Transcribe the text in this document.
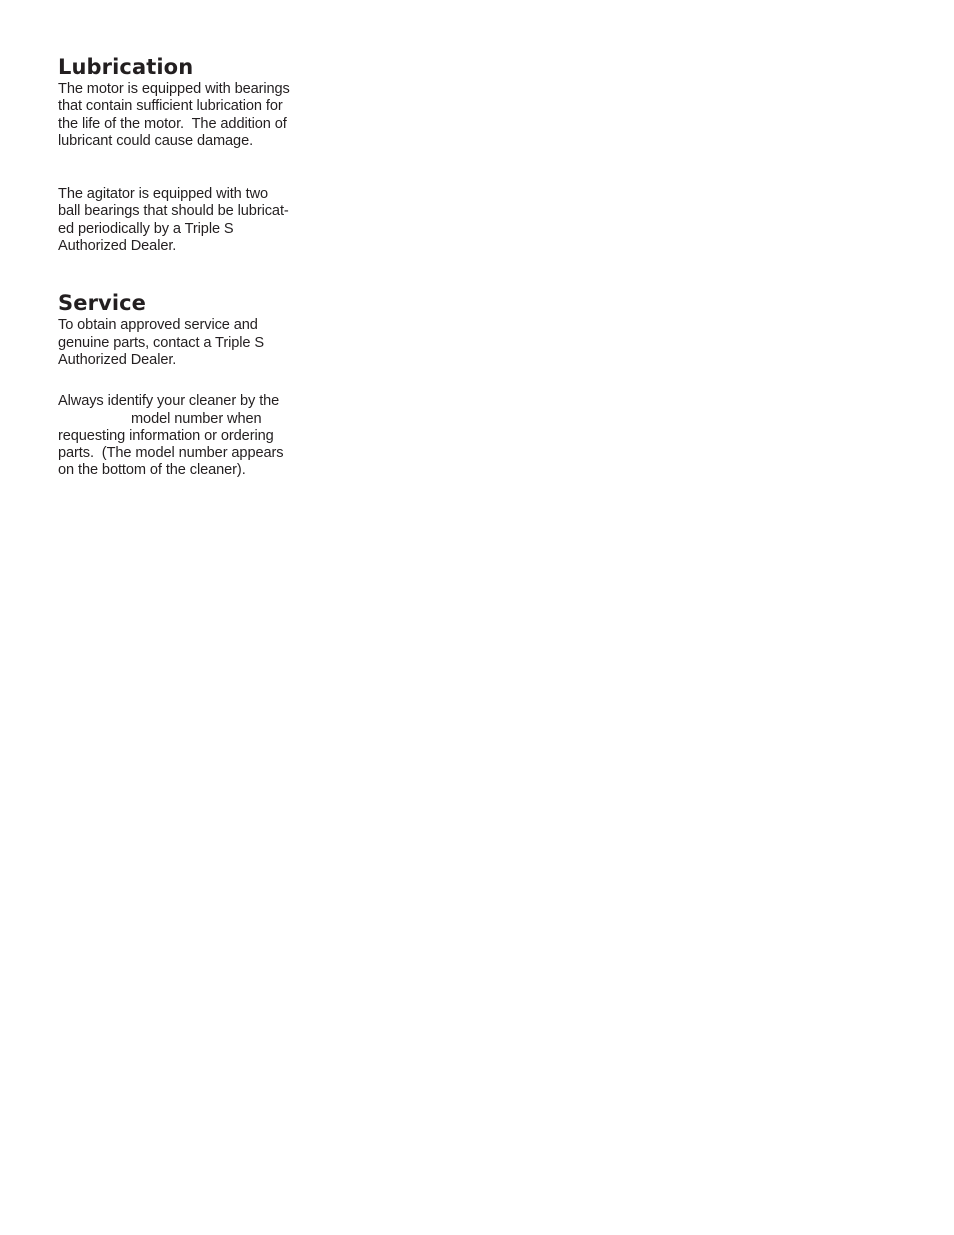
Lubrication

The motor is equipped with bearings
that contain sufficient lubrication for
the life of the motor.  The addition of
lubricant could cause damage.

The agitator is equipped with two
ball bearings that should be lubricat-
ed periodically by a Triple S
Authorized Dealer.

Service

To obtain approved service and
genuine parts, contact a Triple S
Authorized Dealer.

Always identify your cleaner by the
model number when
requesting information or ordering
parts.  (The model number appears
on the bottom of the cleaner).
